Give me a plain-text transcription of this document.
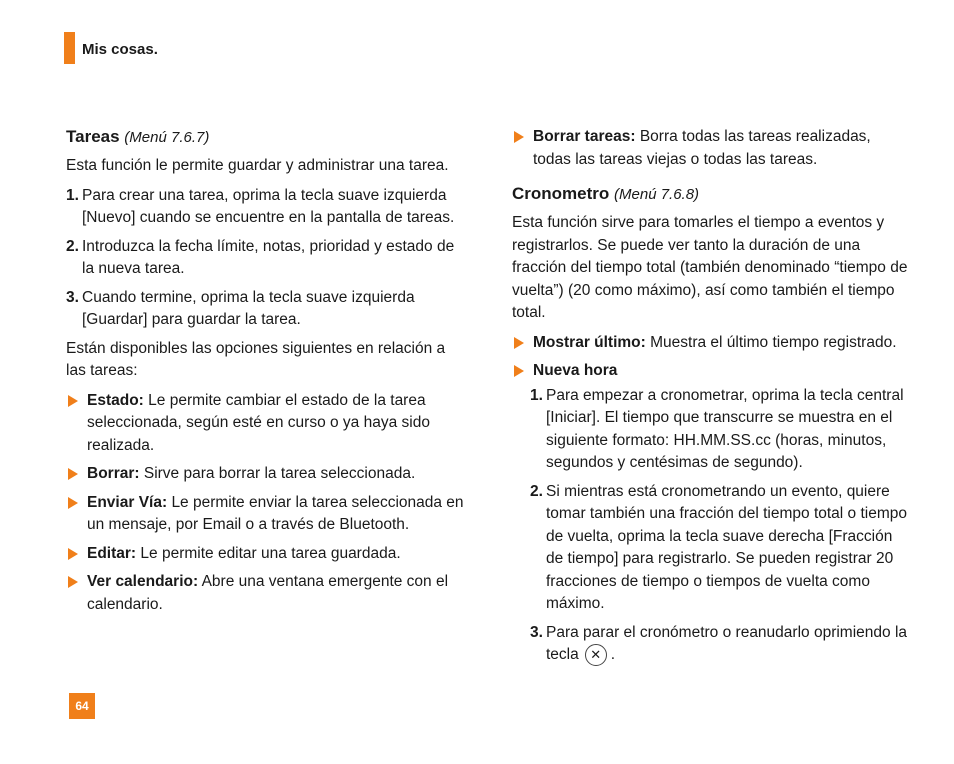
Mis cosas.
Tareas (Menú 7.6.7)

Esta función le permite guardar y administrar una tarea.

1. Para crear una tarea, oprima la tecla suave izquierda [Nuevo] cuando se encuentre en la pantalla de tareas.
2. Introduzca la fecha límite, notas, prioridad y estado de la nueva tarea.
3. Cuando termine, oprima la tecla suave izquierda [Guardar] para guardar la tarea.

Están disponibles las opciones siguientes en relación a las tareas:

Estado: Le permite cambiar el estado de la tarea seleccionada, según esté en curso o ya haya sido realizada.
Borrar: Sirve para borrar la tarea seleccionada.
Enviar Vía: Le permite enviar la tarea seleccionada en un mensaje, por Email o a través de Bluetooth.
Editar: Le permite editar una tarea guardada.
Ver calendario: Abre una ventana emergente con el calendario.
Borrar tareas: Borra todas las tareas realizadas, todas las tareas viejas o todas las tareas.
Cronometro (Menú 7.6.8)

Esta función sirve para tomarles el tiempo a eventos y registrarlos. Se puede ver tanto la duración de una fracción del tiempo total (también denominado “tiempo de vuelta”) (20 como máximo), así como también el tiempo total.

Mostrar último: Muestra el último tiempo registrado.
Nueva hora
1. Para empezar a cronometrar, oprima la tecla central [Iniciar]. El tiempo que transcurre se muestra en el siguiente formato: HH.MM.SS.cc (horas, minutos, segundos y centésimas de segundo).
2. Si mientras está cronometrando un evento, quiere tomar también una fracción del tiempo total o tiempo de vuelta, oprima la tecla suave derecha [Fracción de tiempo] para registrarlo. Se pueden registrar 20 fracciones de tiempo o tiempos de vuelta como máximo.
3. Para parar el cronómetro o reanudarlo oprimiendo la tecla ✕ .
64
